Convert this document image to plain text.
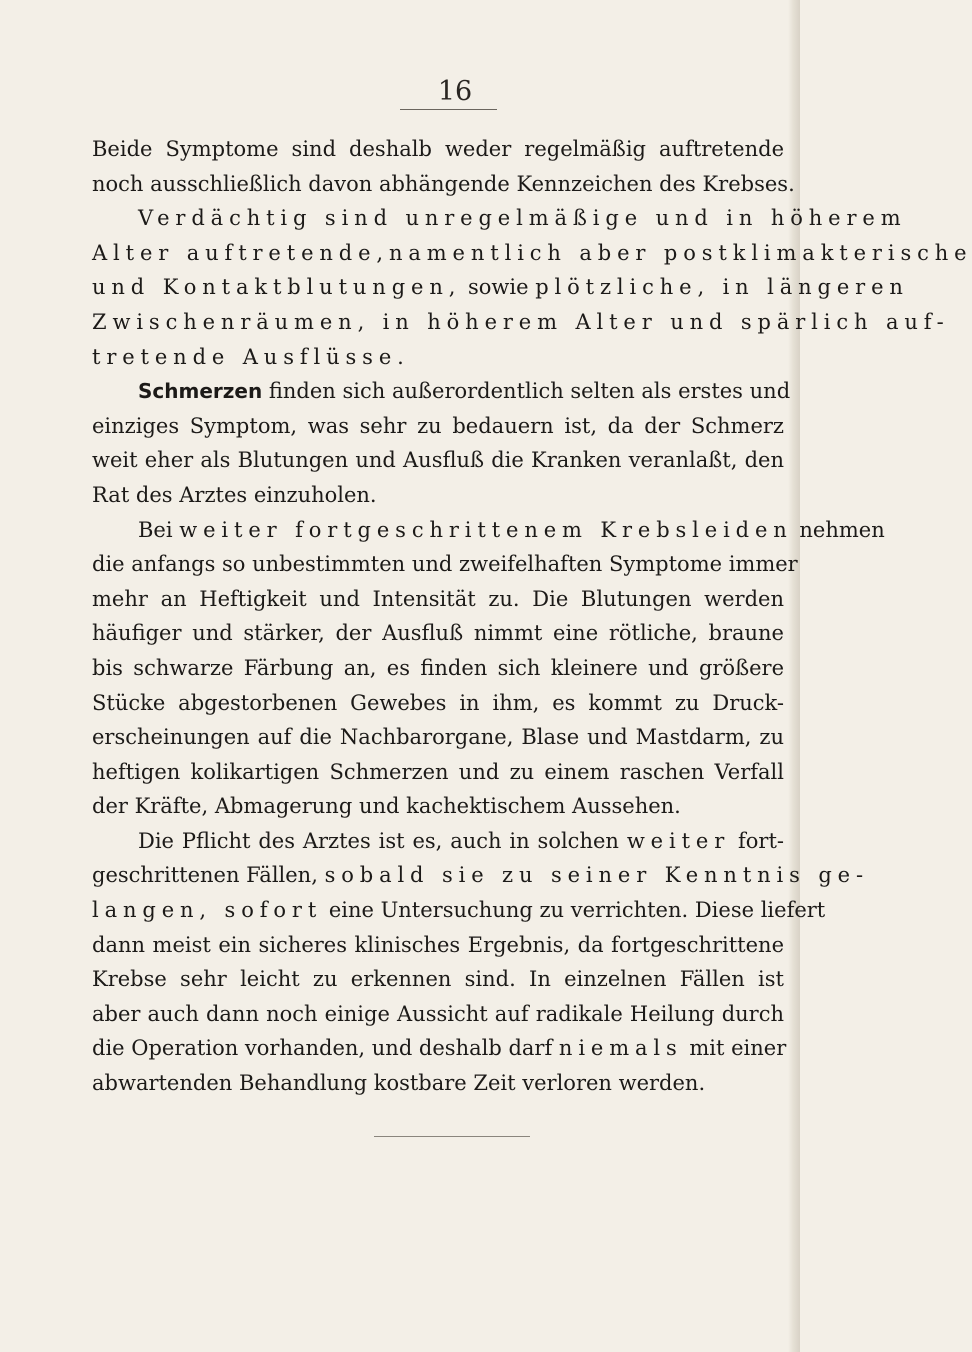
16
Beide Symptome sind deshalb weder regelmäßig auftretende
noch ausschließlich davon abhängende Kennzeichen des Krebses.
Verdächtig sind unregelmäßige und in höherem
Alter auftretende,namentlich aber postklimakterische
und Kontaktblutungen, sowie plötzliche, in längeren
Zwischenräumen, in höherem Alter und spärlich auf-
tretende Ausflüsse.
Schmerzen finden sich außerordentlich selten als erstes und
einziges Symptom, was sehr zu bedauern ist, da der Schmerz
weit eher als Blutungen und Ausfluß die Kranken veranlaßt, den
Rat des Arztes einzuholen.
Bei weiter fortgeschrittenem Krebsleiden nehmen
die anfangs so unbestimmten und zweifelhaften Symptome immer
mehr an Heftigkeit und Intensität zu. Die Blutungen werden
häufiger und stärker, der Ausfluß nimmt eine rötliche, braune
bis schwarze Färbung an, es finden sich kleinere und größere
Stücke abgestorbenen Gewebes in ihm, es kommt zu Druck-
erscheinungen auf die Nachbarorgane, Blase und Mastdarm, zu
heftigen kolikartigen Schmerzen und zu einem raschen Verfall
der Kräfte, Abmagerung und kachektischem Aussehen.
Die Pflicht des Arztes ist es, auch in solchen weiter fort-
geschrittenen Fällen, sobald sie zu seiner Kenntnis ge-
langen, sofort eine Untersuchung zu verrichten. Diese liefert
dann meist ein sicheres klinisches Ergebnis, da fortgeschrittene
Krebse sehr leicht zu erkennen sind. In einzelnen Fällen ist
aber auch dann noch einige Aussicht auf radikale Heilung durch
die Operation vorhanden, und deshalb darf niemals mit einer
abwartenden Behandlung kostbare Zeit verloren werden.
